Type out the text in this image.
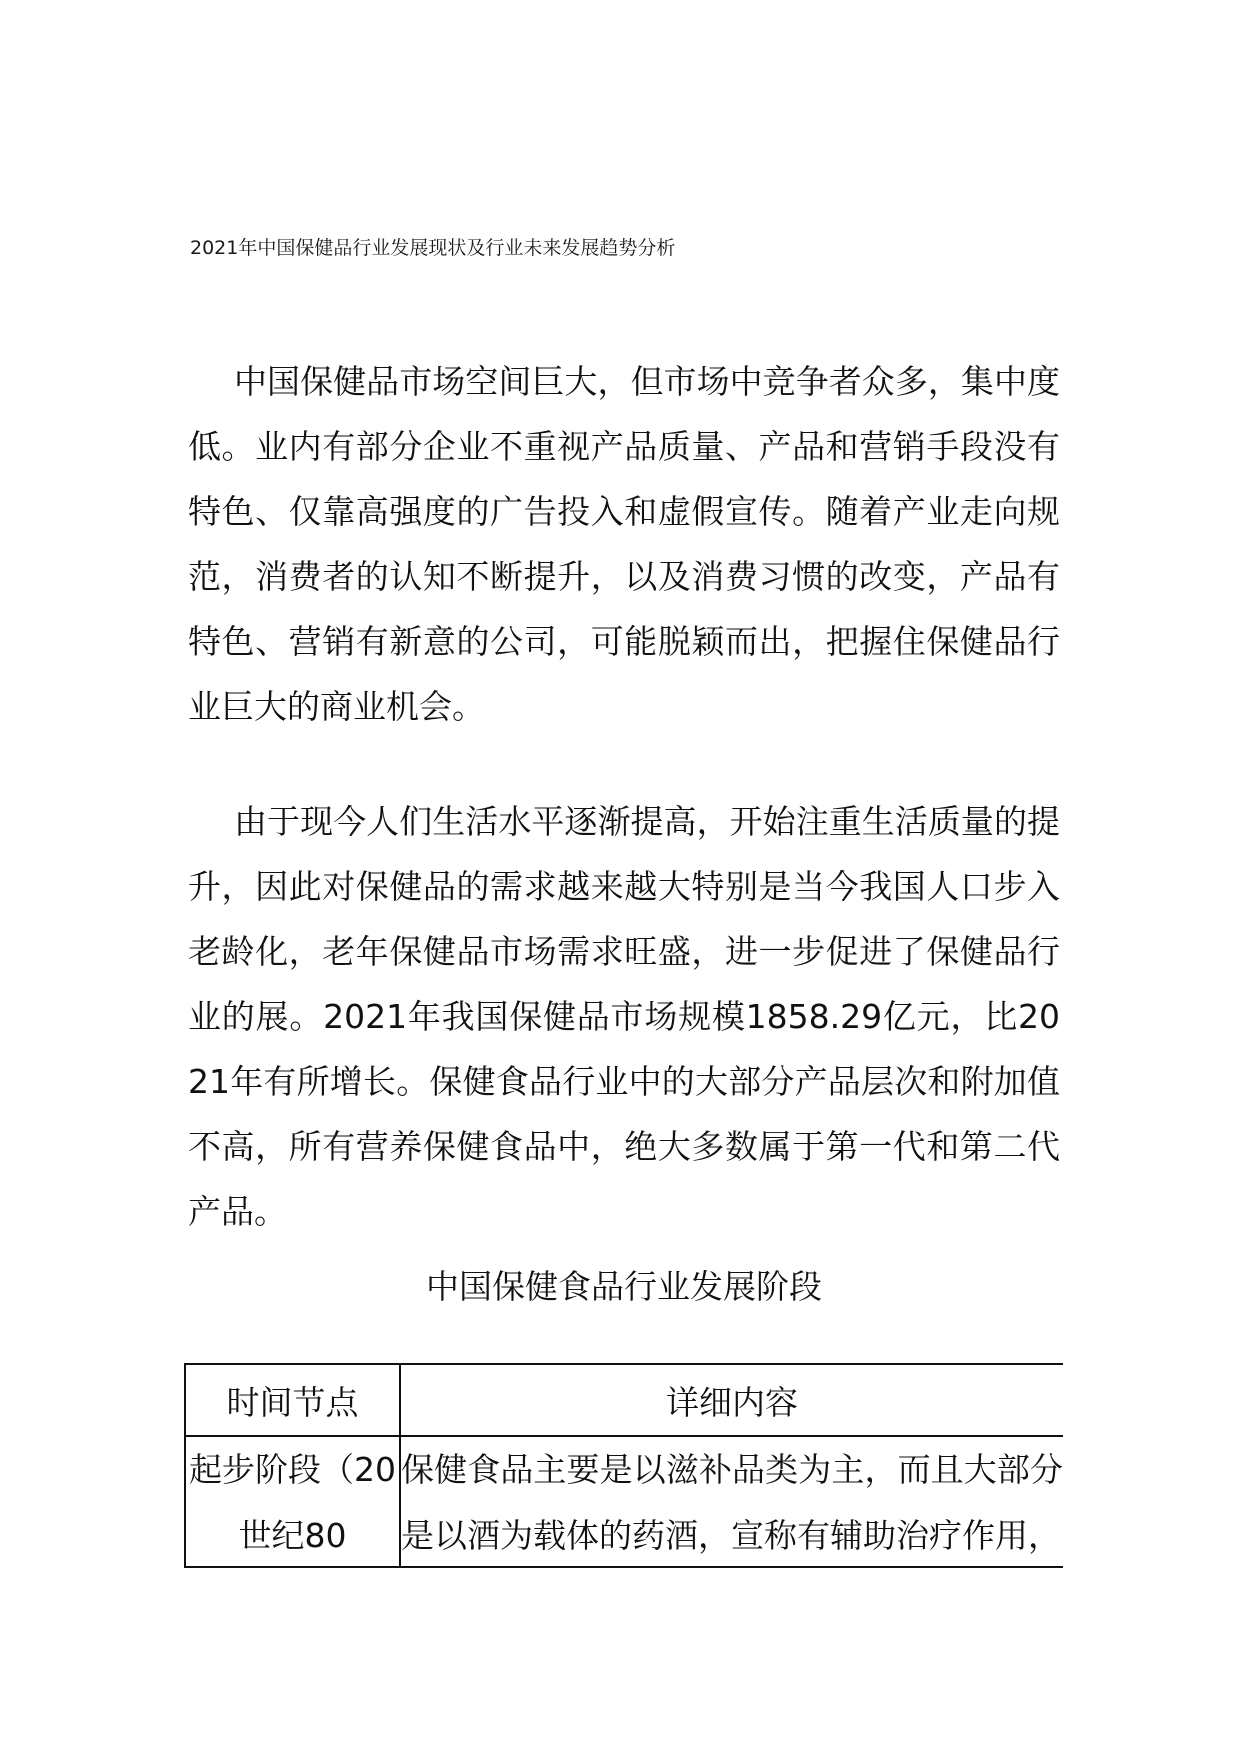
2021年中国保健品行业发展现状及行业未来发展趋势分析

中国保健品市场空间巨大，但市场中竞争者众多，集中度低。业内有部分企业不重视产品质量、产品和营销手段没有特色、仅靠高强度的广告投入和虚假宣传。随着产业走向规范，消费者的认知不断提升，以及消费习惯的改变，产品有特色、营销有新意的公司，可能脱颖而出，把握住保健品行业巨大的商业机会。

由于现今人们生活水平逐渐提高，开始注重生活质量的提升，因此对保健品的需求越来越大特别是当今我国人口步入老龄化，老年保健品市场需求旺盛，进一步促进了保健品行业的展。2021年我国保健品市场规模1858.29亿元，比2021年有所增长。保健食品行业中的大部分产品层次和附加值不高，所有营养保健食品中，绝大多数属于第一代和第二代产品。

中国保健食品行业发展阶段
时间节点	详细内容
起步阶段（20世纪80	保健食品主要是以滋补品类为主，而且大部分是以酒为载体的药酒，宣称有辅助治疗作用，
